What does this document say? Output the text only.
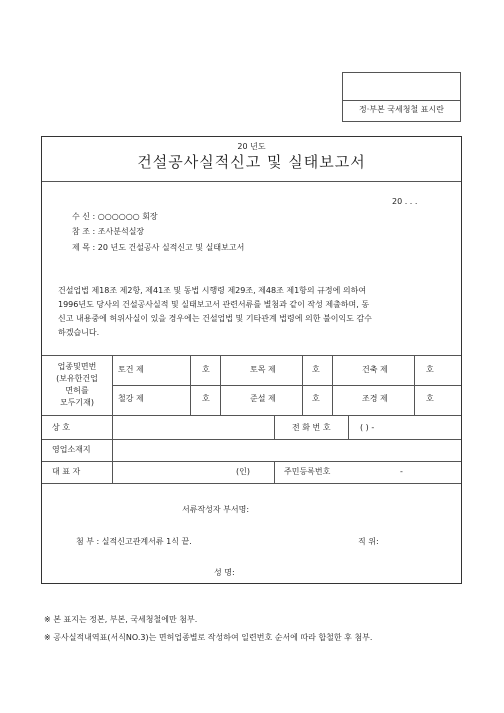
정·부본 국세청철 표시란
20 년도
건설공사실적신고 및 실태보고서
20 . . .
수 신 : ○○○○○○ 회장
참 조 : 조사분석실장
제 목 : 20 년도 건설공사 실적신고 및 실태보고서
건설업법 제18조 제2항, 제41조 및 동법 시행령 제29조, 제48조 제1항의 규정에 의하여
1996년도 당사의 건설공사실적 및 실태보고서 관련서류를 별첨과 같이 작성 제출하며, 동
신고 내용중에 허위사실이 있을 경우에는 건설업법 및 기타관계 법령에 의한 불이익도 감수
하겠습니다.
업종및면번
(보유한건업
면허를
모두기재)
토건 제	호	토목 제	호	건축 제	호
철강 제	호	준설 제	호	조경 제	호
상 호	전 화 번 호	( ) -
영업소재지
대 표 자	(인)	주민등록번호	-
서류작성자 부서명:
첨 부 : 실적신고관계서류 1식 끝.	직 위:
성 명:
※ 본 표지는 정본, 부본, 국세청철에만 첨부.
※ 공사실적내역표(서식NO.3)는 면허업종별로 작성하여 일련번호 순서에 따라 합철한 후 첨부.
